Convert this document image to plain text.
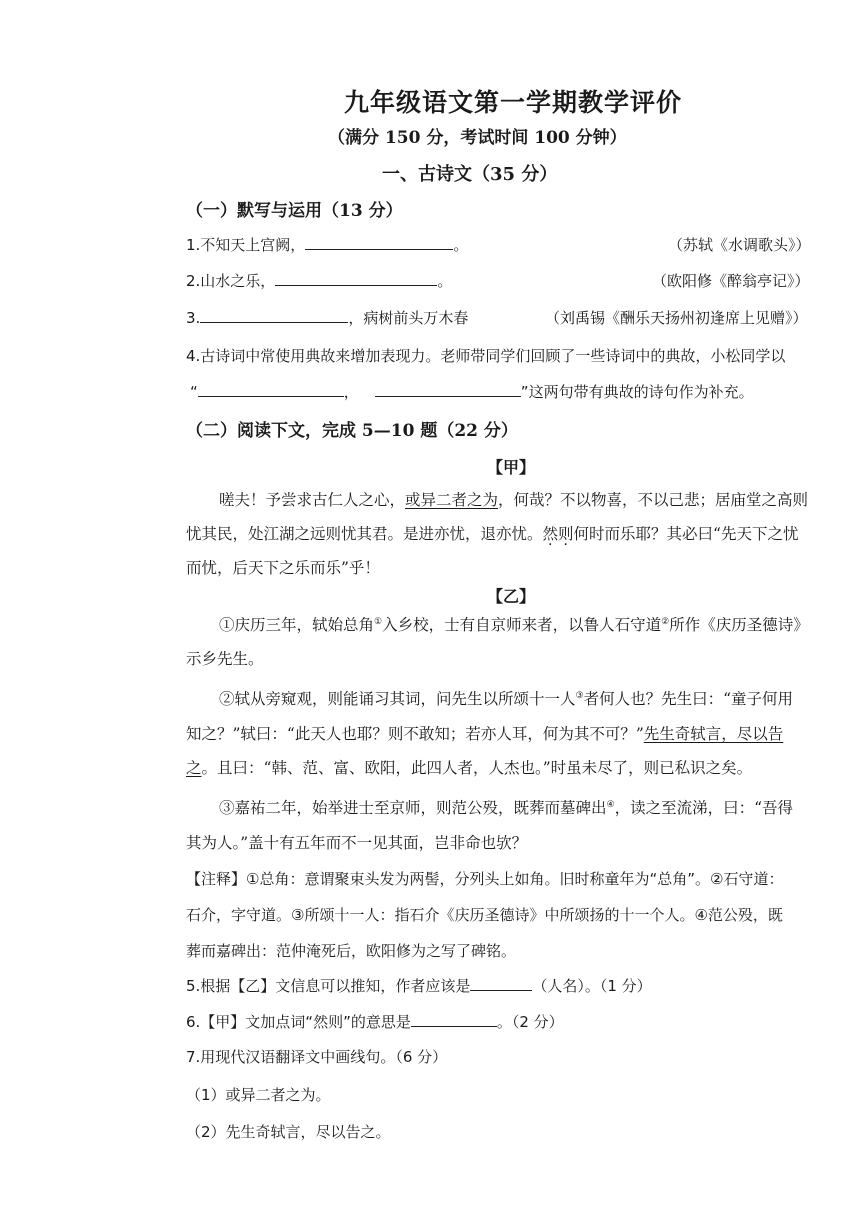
九年级语文第一学期教学评价
（满分 150 分，考试时间 100 分钟）
一、古诗文（35 分）
（一）默写与运用（13 分）
1.不知天上宫阙，	。	（苏轼《水调歌头》）
2.山水之乐，	。	（欧阳修《醉翁亭记》）
3.	，病树前头万木春	（刘禹锡《酬乐天扬州初逢席上见赠》）
4.古诗词中常使用典故来增加表现力。老师带同学们回顾了一些诗词中的典故，小松同学以
“	，	”这两句带有典故的诗句作为补充。
（二）阅读下文，完成 5—10 题（22 分）
【甲】
嗟夫！予尝求古仁人之心，或异二者之为，何哉？不以物喜，不以己悲；居庙堂之高则
忧其民，处江湖之远则忧其君。是进亦忧，退亦忧。然则何时而乐耶？其必曰“先天下之忧
而忧，后天下之乐而乐”乎！
【乙】
①庆历三年，轼始总角①入乡校，士有自京师来者，以鲁人石守道②所作《庆历圣德诗》
示乡先生。
②轼从旁窥观，则能诵习其词，问先生以所颂十一人③者何人也？先生曰：“童子何用
知之？”轼曰：“此天人也耶？则不敢知；若亦人耳，何为其不可？”先生奇轼言，尽以告
之。且曰：“韩、范、富、欧阳，此四人者，人杰也。”时虽未尽了，则已私识之矣。
③嘉祐二年，始举进士至京师，则范公殁，既葬而墓碑出④，读之至流涕，曰：“吾得
其为人。”盖十有五年而不一见其面，岂非命也欤？
【注释】①总角：意谓聚束头发为两髻，分列头上如角。旧时称童年为“总角”。②石守道：
石介，字守道。③所颂十一人：指石介《庆历圣德诗》中所颂扬的十一个人。④范公殁，既
葬而嘉碑出：范仲淹死后，欧阳修为之写了碑铭。
5.根据【乙】文信息可以推知，作者应该是	（人名）。（1 分）
6.【甲】文加点词“然则”的意思是	。（2 分）
7.用现代汉语翻译文中画线句。（6 分）
（1）或异二者之为。
（2）先生奇轼言，尽以告之。
